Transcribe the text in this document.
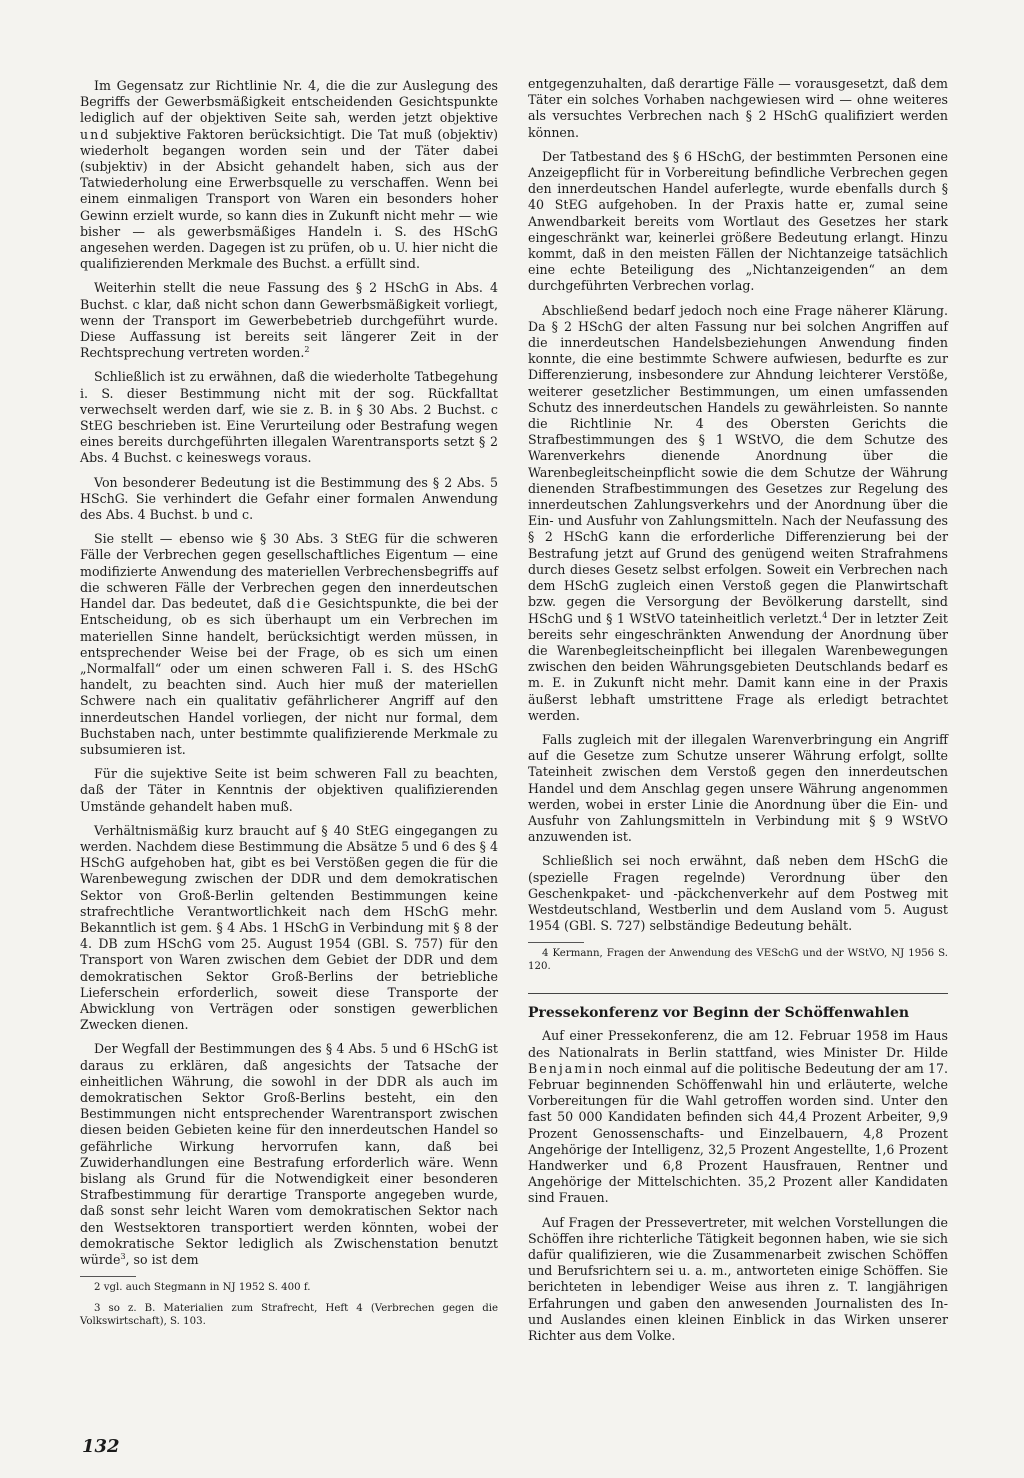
Im Gegensatz zur Richtlinie Nr. 4, die die zur Auslegung des Begriffs der Gewerbsmäßigkeit entscheidenden Gesichtspunkte lediglich auf der objektiven Seite sah, werden jetzt objektive und subjektive Faktoren berücksichtigt. Die Tat muß (objektiv) wiederholt begangen worden sein und der Täter dabei (subjektiv) in der Absicht gehandelt haben, sich aus der Tatwiederholung eine Erwerbsquelle zu verschaffen. Wenn bei einem einmaligen Transport von Waren ein besonders hoher Gewinn erzielt wurde, so kann dies in Zukunft nicht mehr — wie bisher — als gewerbsmäßiges Handeln i. S. des HSchG angesehen werden. Dagegen ist zu prüfen, ob u. U. hier nicht die qualifizierenden Merkmale des Buchst. a erfüllt sind.

Weiterhin stellt die neue Fassung des § 2 HSchG in Abs. 4 Buchst. c klar, daß nicht schon dann Gewerbsmäßigkeit vorliegt, wenn der Transport im Gewerbebetrieb durchgeführt wurde. Diese Auffassung ist bereits seit längerer Zeit in der Rechtsprechung vertreten worden.$^2$

Schließlich ist zu erwähnen, daß die wiederholte Tatbegehung i. S. dieser Bestimmung nicht mit der sog. Rückfalltat verwechselt werden darf, wie sie z. B. in § 30 Abs. 2 Buchst. c StEG beschrieben ist. Eine Verurteilung oder Bestrafung wegen eines bereits durchgeführten illegalen Warentransports setzt § 2 Abs. 4 Buchst. c keineswegs voraus.

Von besonderer Bedeutung ist die Bestimmung des § 2 Abs. 5 HSchG. Sie verhindert die Gefahr einer formalen Anwendung des Abs. 4 Buchst. b und c.

Sie stellt — ebenso wie § 30 Abs. 3 StEG für die schweren Fälle der Verbrechen gegen gesellschaftliches Eigentum — eine modifizierte Anwendung des materiellen Verbrechensbegriffs auf die schweren Fälle der Verbrechen gegen den innerdeutschen Handel dar. Das bedeutet, daß die Gesichtspunkte, die bei der Entscheidung, ob es sich überhaupt um ein Verbrechen im materiellen Sinne handelt, berücksichtigt werden müssen, in entsprechender Weise bei der Frage, ob es sich um einen „Normalfall“ oder um einen schweren Fall i. S. des HSchG handelt, zu beachten sind. Auch hier muß der materiellen Schwere nach ein qualitativ gefährlicherer Angriff auf den innerdeutschen Handel vorliegen, der nicht nur formal, dem Buchstaben nach, unter bestimmte qualifizierende Merkmale zu subsumieren ist.

Für die sujektive Seite ist beim schweren Fall zu beachten, daß der Täter in Kenntnis der objektiven qualifizierenden Umstände gehandelt haben muß.

Verhältnismäßig kurz braucht auf § 40 StEG eingegangen zu werden. Nachdem diese Bestimmung die Absätze 5 und 6 des § 4 HSchG aufgehoben hat, gibt es bei Verstößen gegen die für die Warenbewegung zwischen der DDR und dem demokratischen Sektor von Groß-Berlin geltenden Bestimmungen keine strafrechtliche Verantwortlichkeit nach dem HSchG mehr. Bekanntlich ist gem. § 4 Abs. 1 HSchG in Verbindung mit § 8 der 4. DB zum HSchG vom 25. August 1954 (GBl. S. 757) für den Transport von Waren zwischen dem Gebiet der DDR und dem demokratischen Sektor Groß-Berlins der betriebliche Lieferschein erforderlich, soweit diese Transporte der Abwicklung von Verträgen oder sonstigen gewerblichen Zwecken dienen.

Der Wegfall der Bestimmungen des § 4 Abs. 5 und 6 HSchG ist daraus zu erklären, daß angesichts der Tatsache der einheitlichen Währung, die sowohl in der DDR als auch im demokratischen Sektor Groß-Berlins besteht, ein den Bestimmungen nicht entsprechender Warentransport zwischen diesen beiden Gebieten keine für den innerdeutschen Handel so gefährliche Wirkung hervorrufen kann, daß bei Zuwiderhandlungen eine Bestrafung erforderlich wäre. Wenn bislang als Grund für die Notwendigkeit einer besonderen Strafbestimmung für derartige Transporte angegeben wurde, daß sonst sehr leicht Waren vom demokratischen Sektor nach den Westsektoren transportiert werden könnten, wobei der demokratische Sektor lediglich als Zwischenstation benutzt würde$^3$, so ist dem

2 vgl. auch Stegmann in NJ 1952 S. 400 f.

3 so z. B. Materialien zum Strafrecht, Heft 4 (Verbrechen gegen die Volkswirtschaft), S. 103.

entgegenzuhalten, daß derartige Fälle — vorausgesetzt, daß dem Täter ein solches Vorhaben nachgewiesen wird — ohne weiteres als versuchtes Verbrechen nach § 2 HSchG qualifiziert werden können.

Der Tatbestand des § 6 HSchG, der bestimmten Personen eine Anzeigepflicht für in Vorbereitung befindliche Verbrechen gegen den innerdeutschen Handel auferlegte, wurde ebenfalls durch § 40 StEG aufgehoben. In der Praxis hatte er, zumal seine Anwendbarkeit bereits vom Wortlaut des Gesetzes her stark eingeschränkt war, keinerlei größere Bedeutung erlangt. Hinzu kommt, daß in den meisten Fällen der Nichtanzeige tatsächlich eine echte Beteiligung des „Nichtanzeigenden“ an dem durchgeführten Verbrechen vorlag.

Abschließend bedarf jedoch noch eine Frage näherer Klärung. Da § 2 HSchG der alten Fassung nur bei solchen Angriffen auf die innerdeutschen Handelsbeziehungen Anwendung finden konnte, die eine bestimmte Schwere aufwiesen, bedurfte es zur Differenzierung, insbesondere zur Ahndung leichterer Verstöße, weiterer gesetzlicher Bestimmungen, um einen umfassenden Schutz des innerdeutschen Handels zu gewährleisten. So nannte die Richtlinie Nr. 4 des Obersten Gerichts die Strafbestimmungen des § 1 WStVO, die dem Schutze des Warenverkehrs dienende Anordnung über die Warenbegleitscheinpflicht sowie die dem Schutze der Währung dienenden Strafbestimmungen des Gesetzes zur Regelung des innerdeutschen Zahlungsverkehrs und der Anordnung über die Ein- und Ausfuhr von Zahlungsmitteln. Nach der Neufassung des § 2 HSchG kann die erforderliche Differenzierung bei der Bestrafung jetzt auf Grund des genügend weiten Strafrahmens durch dieses Gesetz selbst erfolgen. Soweit ein Verbrechen nach dem HSchG zugleich einen Verstoß gegen die Planwirtschaft bzw. gegen die Versorgung der Bevölkerung darstellt, sind HSchG und § 1 WStVO tateinheitlich verletzt.$^4$ Der in letzter Zeit bereits sehr eingeschränkten Anwendung der Anordnung über die Warenbegleitscheinpflicht bei illegalen Warenbewegungen zwischen den beiden Währungsgebieten Deutschlands bedarf es m. E. in Zukunft nicht mehr. Damit kann eine in der Praxis äußerst lebhaft umstrittene Frage als erledigt betrachtet werden.

Falls zugleich mit der illegalen Warenverbringung ein Angriff auf die Gesetze zum Schutze unserer Währung erfolgt, sollte Tateinheit zwischen dem Verstoß gegen den innerdeutschen Handel und dem Anschlag gegen unsere Währung angenommen werden, wobei in erster Linie die Anordnung über die Ein- und Ausfuhr von Zahlungsmitteln in Verbindung mit § 9 WStVO anzuwenden ist.

Schließlich sei noch erwähnt, daß neben dem HSchG die (spezielle Fragen regelnde) Verordnung über den Geschenkpaket- und -päckchenverkehr auf dem Postweg mit Westdeutschland, Westberlin und dem Ausland vom 5. August 1954 (GBl. S. 727) selbständige Bedeutung behält.

4 Kermann, Fragen der Anwendung des VESchG und der WStVO, NJ 1956 S. 120.

Pressekonferenz vor Beginn der Schöffenwahlen

Auf einer Pressekonferenz, die am 12. Februar 1958 im Haus des Nationalrats in Berlin stattfand, wies Minister Dr. Hilde Benjamin noch einmal auf die politische Bedeutung der am 17. Februar beginnenden Schöffenwahl hin und erläuterte, welche Vorbereitungen für die Wahl getroffen worden sind. Unter den fast 50 000 Kandidaten befinden sich 44,4 Prozent Arbeiter, 9,9 Prozent Genossenschafts- und Einzelbauern, 4,8 Prozent Angehörige der Intelligenz, 32,5 Prozent Angestellte, 1,6 Prozent Handwerker und 6,8 Prozent Hausfrauen, Rentner und Angehörige der Mittelschichten. 35,2 Prozent aller Kandidaten sind Frauen.

Auf Fragen der Pressevertreter, mit welchen Vorstellungen die Schöffen ihre richterliche Tätigkeit begonnen haben, wie sie sich dafür qualifizieren, wie die Zusammenarbeit zwischen Schöffen und Berufsrichtern sei u. a. m., antworteten einige Schöffen. Sie berichteten in lebendiger Weise aus ihren z. T. langjährigen Erfahrungen und gaben den anwesenden Journalisten des In- und Auslandes einen kleinen Einblick in das Wirken unserer Richter aus dem Volke.

132
